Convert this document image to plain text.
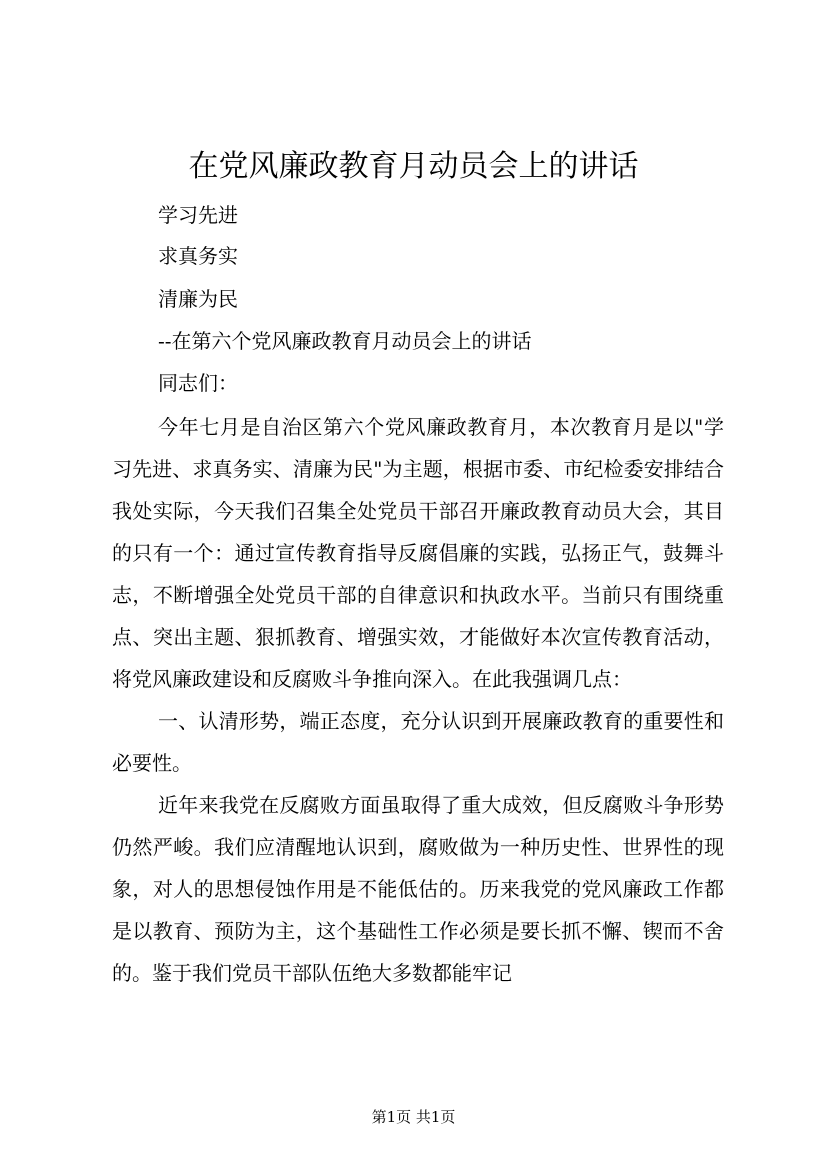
在党风廉政教育月动员会上的讲话

学习先进

求真务实

清廉为民

--在第六个党风廉政教育月动员会上的讲话

同志们：

今年七月是自治区第六个党风廉政教育月，本次教育月是以"学习先进、求真务实、清廉为民"为主题，根据市委、市纪检委安排结合我处实际，今天我们召集全处党员干部召开廉政教育动员大会，其目的只有一个：通过宣传教育指导反腐倡廉的实践，弘扬正气，鼓舞斗志，不断增强全处党员干部的自律意识和执政水平。当前只有围绕重点、突出主题、狠抓教育、增强实效，才能做好本次宣传教育活动，将党风廉政建设和反腐败斗争推向深入。在此我强调几点：

一、认清形势，端正态度，充分认识到开展廉政教育的重要性和必要性。

近年来我党在反腐败方面虽取得了重大成效，但反腐败斗争形势仍然严峻。我们应清醒地认识到，腐败做为一种历史性、世界性的现象，对人的思想侵蚀作用是不能低估的。历来我党的党风廉政工作都是以教育、预防为主，这个基础性工作必须是要长抓不懈、锲而不舍的。鉴于我们党员干部队伍绝大多数都能牢记

第1页 共1页
